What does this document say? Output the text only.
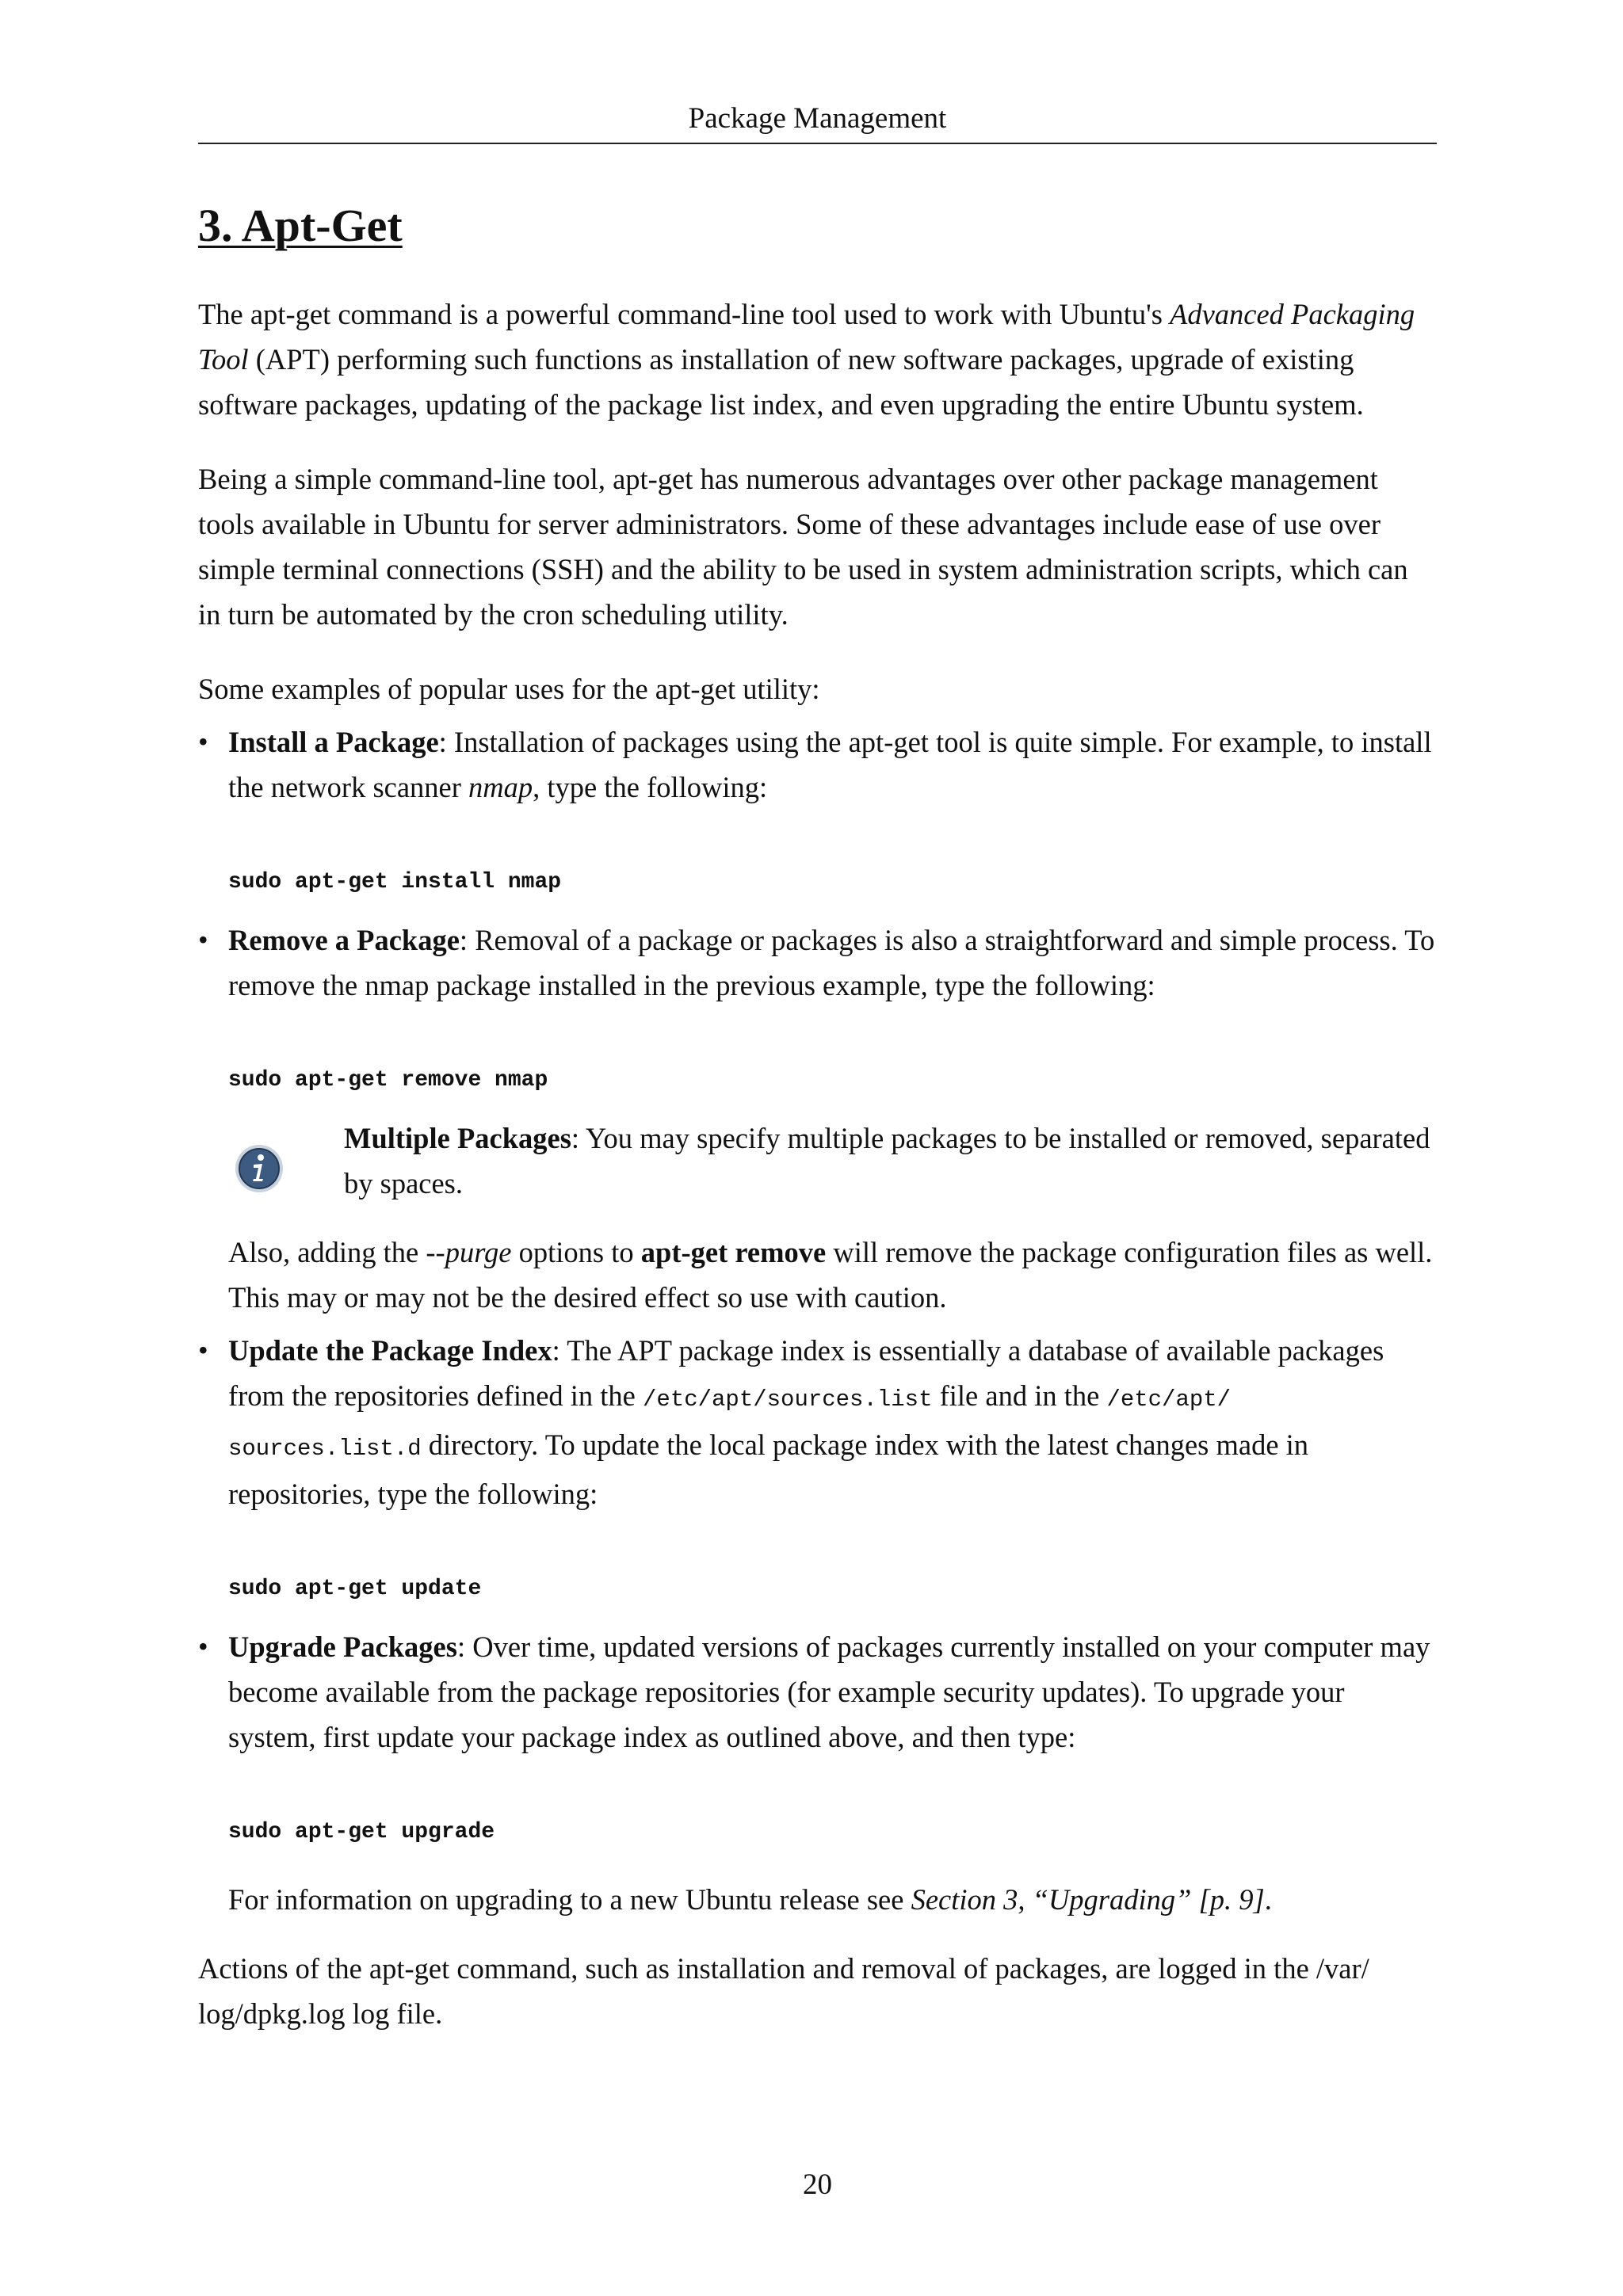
Package Management
3. Apt-Get

The apt-get command is a powerful command-line tool used to work with Ubuntu's Advanced Packaging Tool (APT) performing such functions as installation of new software packages, upgrade of existing software packages, updating of the package list index, and even upgrading the entire Ubuntu system.

Being a simple command-line tool, apt-get has numerous advantages over other package management tools available in Ubuntu for server administrators. Some of these advantages include ease of use over simple terminal connections (SSH) and the ability to be used in system administration scripts, which can in turn be automated by the cron scheduling utility.

Some examples of popular uses for the apt-get utility:

• Install a Package: Installation of packages using the apt-get tool is quite simple. For example, to install the network scanner nmap, type the following:

sudo apt-get install nmap

• Remove a Package: Removal of a package or packages is also a straightforward and simple process. To remove the nmap package installed in the previous example, type the following:

sudo apt-get remove nmap

Multiple Packages: You may specify multiple packages to be installed or removed, separated by spaces.

Also, adding the --purge options to apt-get remove will remove the package configuration files as well. This may or may not be the desired effect so use with caution.

• Update the Package Index: The APT package index is essentially a database of available packages from the repositories defined in the /etc/apt/sources.list file and in the /etc/apt/ sources.list.d directory. To update the local package index with the latest changes made in repositories, type the following:

sudo apt-get update

• Upgrade Packages: Over time, updated versions of packages currently installed on your computer may become available from the package repositories (for example security updates). To upgrade your system, first update your package index as outlined above, and then type:

sudo apt-get upgrade

For information on upgrading to a new Ubuntu release see Section 3, “Upgrading” [p. 9].

Actions of the apt-get command, such as installation and removal of packages, are logged in the /var/ log/dpkg.log log file.

20
